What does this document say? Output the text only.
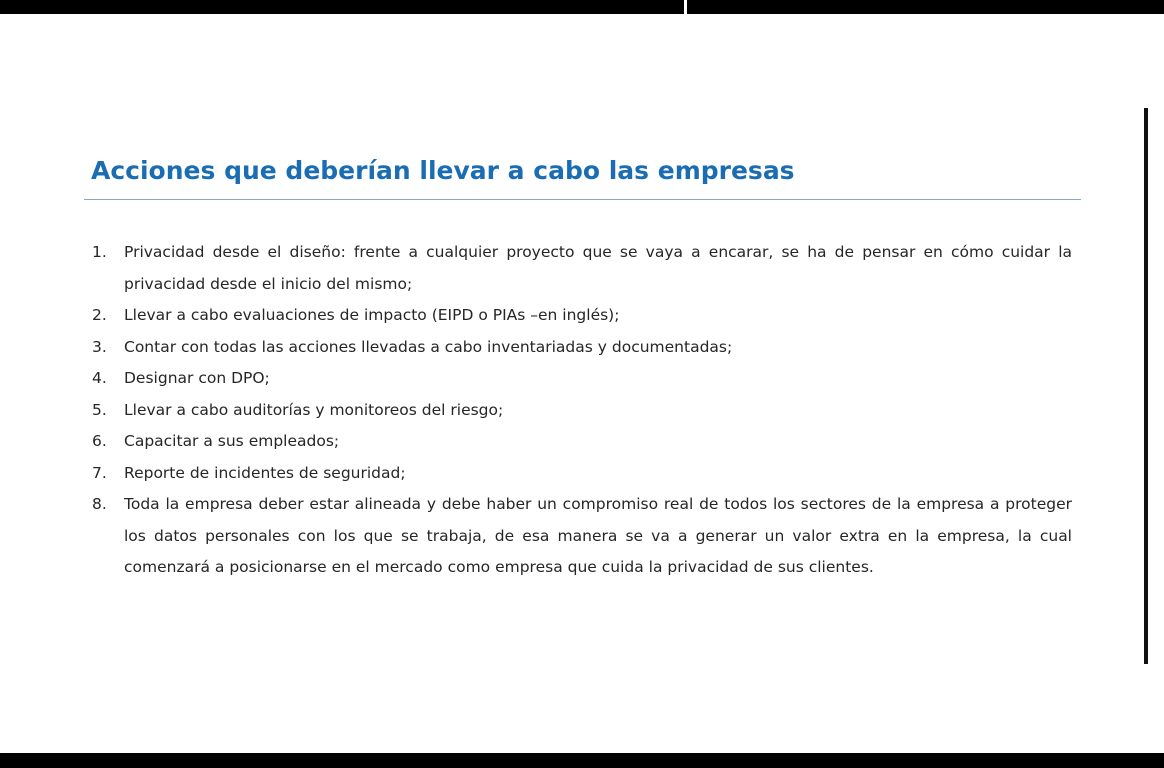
Acciones que deberían llevar a cabo las empresas
1.	Privacidad desde el diseño: frente a cualquier proyecto que se vaya a encarar, se ha de pensar en cómo cuidar la privacidad desde el inicio del mismo;
2.	Llevar a cabo evaluaciones de impacto (EIPD o PIAs –en inglés);
3.	Contar con todas las acciones llevadas a cabo inventariadas y documentadas;
4.	Designar con DPO;
5.	Llevar a cabo auditorías y monitoreos del riesgo;
6.	Capacitar a sus empleados;
7.	Reporte de incidentes de seguridad;
8.	Toda la empresa deber estar alineada y debe haber un compromiso real de todos los sectores de la empresa a proteger los datos personales con los que se trabaja, de esa manera se va a generar un valor extra en la empresa, la cual comenzará a posicionarse en el mercado como empresa que cuida la privacidad de sus clientes.
